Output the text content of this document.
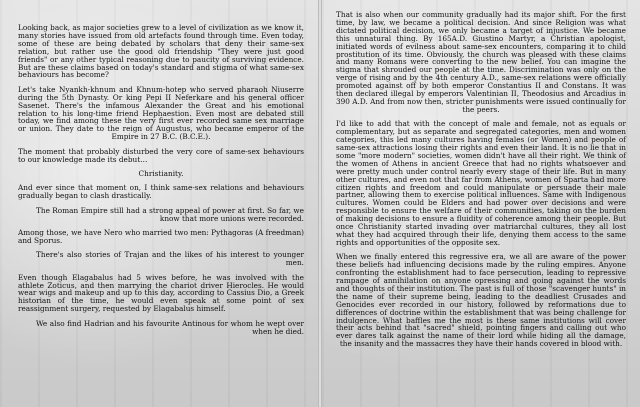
Looking back, as major societies grew to a level of civilization as we know it, many stories have issued from old artefacts found through time. Even today, some of these are being debated by scholars that deny their same-sex relation, but rather use the good old friendship "They were just good friends" or any other typical reasoning due to paucity of surviving evidence. But are these claims based on today's standard and stigma of what same-sex behaviours has become?

Let's take Nyankh-khnum and Khnum-hotep who served pharaoh Niuserre during the 5th Dynasty. Or king Pepi II Neferkare and his general officer Sasenet. There's the infamous Alexander the Great and his emotional relation to his long-time friend Hephaestion. Even most are debated still today, we find among these the very first ever recorded same sex marriage or union. They date to the reign of Augustus, who became emperor of the Empire in 27 B.C. (B.C.E.).

The moment that probably disturbed the very core of same-sex behaviours to our knowledge made its debut…

Christianity.

And ever since that moment on, I think same-sex relations and behaviours gradually began to clash drastically.

The Roman Empire still had a strong appeal of power at first. So far, we know that more unions were recorded.

Among those, we have Nero who married two men: Pythagoras (A freedman) and Sporus.

There's also stories of Trajan and the likes of his interest to younger men.

Even though Elagabalus had 5 wives before, he was involved with the athlete Zoticus, and then marrying the chariot driver Hierocles. He would wear wigs and makeup and up to this day, according to Cassius Dio, a Greek historian of the time, he would even speak at some point of sex reassignment surgery, requested by Elagabalus himself.

We also find Hadrian and his favourite Antinous for whom he wept over when he died.

That is also when our community gradually had its major shift. For the first time, by law, we became a political decision. And since Religion was what dictated political decision, we only became a target of injustice. We became this unnatural thing. By 165A.D. Giustino Martyr, a Christian apologist, initiated words of evilness about same-sex encounters, comparing it to child prostitution of its time. Obviously, the church was pleased with these claims and many Romans were converting to the new belief. You can imagine the stigma that shrouded our people at the time. Discrimination was only on the verge of rising and by the 4th century A.D., same-sex relations were officially promoted against off by both emperor Constantius II and Constans. It was then declared illegal by emperors Valentinian II, Theodosius and Arcadius in 390 A.D. And from now then, stricter punishments were issued continually for the peers.

I'd like to add that with the concept of male and female, not as equals or complementary, but as separate and segregated categories, men and women categories, this led many cultures having females (or Women) and people of same-sex attractions losing their rights and even their land. It is no lie that in some "more modern" societies, women didn't have all their right. We think of the women of Athens in ancient Greece that had no rights whatsoever and were pretty much under control nearly every stage of their life. But in many other cultures, and even not that far from Athens, women of Sparta had more citizen rights and freedom and could manipulate or persuade their male partner, allowing them to exercise political influences. Same with Indigenous cultures. Women could be Elders and had power over decisions and were responsible to ensure the welfare of their communities, taking on the burden of making decisions to ensure a fluidity of coherence among their people. But once Christianity started invading over matriarchal cultures, they all lost what they had acquired through their life, denying them access to the same rights and opportunities of the opposite sex.

When we finally entered this regressive era, we all are aware of the power these beliefs had influencing decisions made by the ruling empires. Anyone confronting the establishment had to face persecution, leading to repressive rampage of annihilation on anyone opressing and going against the words and thoughts of their institution. The past is full of those "scavenger hunts" in the name of their supreme being, leading to the deadliest Crusades and Genocides ever recorded in our history, followed by reformations due to differences of doctrine within the establishment that was being challenge for indulgence. What baffles me the most is these same institutions will cover their acts behind that "sacred" shield, pointing fingers and calling out who ever dares talk against the name of their lord while hiding all the damage, the insanity and the massacres they have their hands covered in blood with.
